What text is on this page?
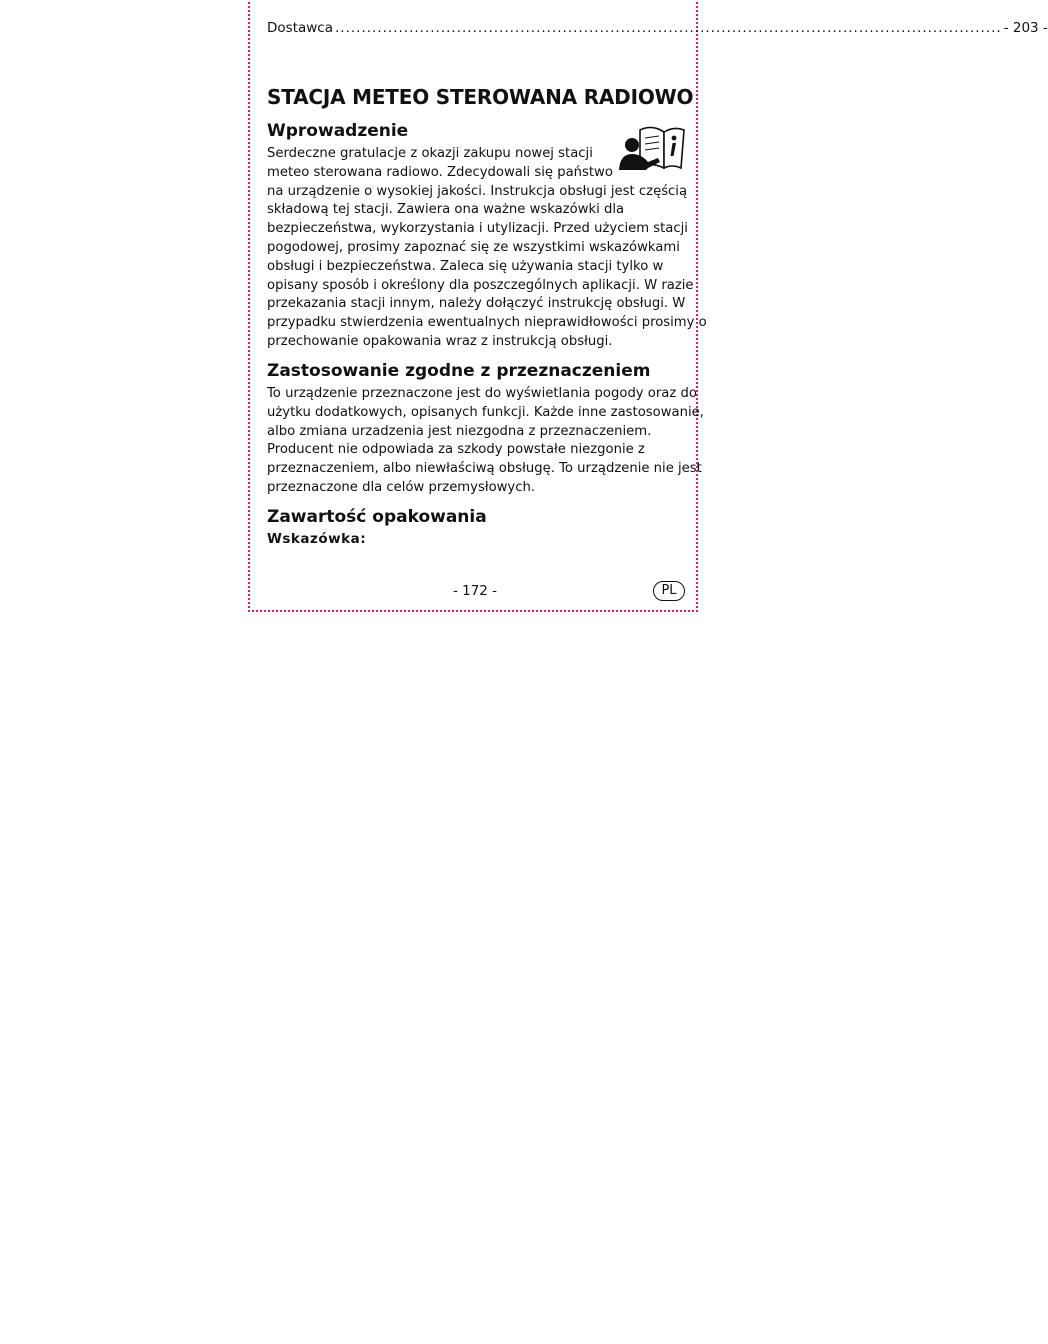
Dostawca .............................................................................................................................. - 203 -
STACJA METEO STEROWANA RADIOWO
Wprowadzenie
Serdeczne gratulacje z okazji zakupu nowej stacji
meteo sterowana radiowo. Zdecydowali się państwo
na urządzenie o wysokiej jakości. Instrukcja obsługi jest częścią
składową tej stacji. Zawiera ona ważne wskazówki dla
bezpieczeństwa, wykorzystania i utylizacji. Przed użyciem stacji
pogodowej, prosimy zapoznać się ze wszystkimi wskazówkami
obsługi i bezpieczeństwa. Zaleca się używania stacji tylko w
opisany sposób i określony dla poszczególnych aplikacji. W razie
przekazania stacji innym, należy dołączyć instrukcję obsługi. W
przypadku stwierdzenia ewentualnych nieprawidłowości prosimy o
przechowanie opakowania wraz z instrukcją obsługi.
Zastosowanie zgodne z przeznaczeniem
To urządzenie przeznaczone jest do wyświetlania pogody oraz do
użytku dodatkowych, opisanych funkcji. Każde inne zastosowanie,
albo zmiana urzadzenia jest niezgodna z przeznaczeniem.
Producent nie odpowiada za szkody powstałe niezgonie z
przeznaczeniem, albo niewłaściwą obsługę. To urządzenie nie jest
przeznaczone dla celów przemysłowych.
Zawartość opakowania
Wskazówka:
- 172 -	PL
